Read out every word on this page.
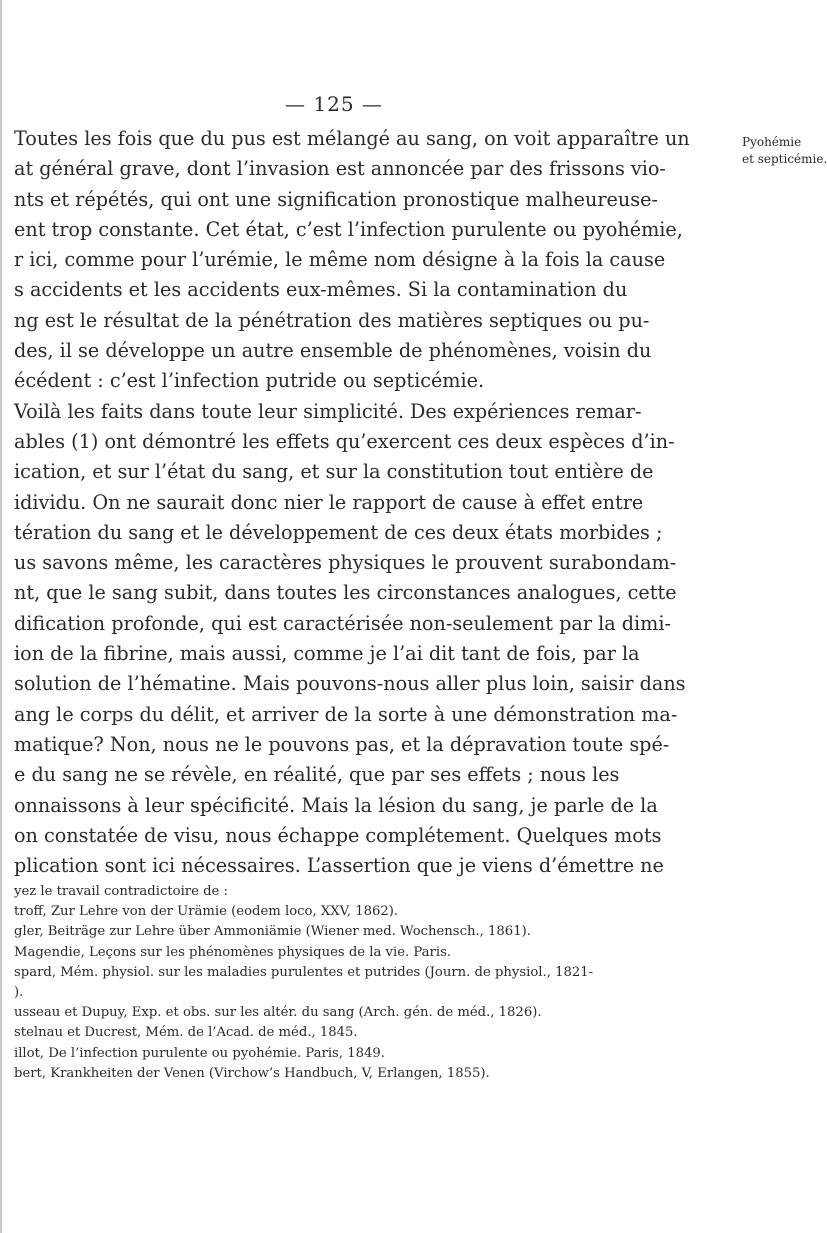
— 125 —
Pyohémie
et septicémie.
Toutes les fois que du pus est mélangé au sang, on voit apparaître un
at général grave, dont l’invasion est annoncée par des frissons vio-
nts et répétés, qui ont une signification pronostique malheureuse-
ent trop constante. Cet état, c’est l’infection purulente ou pyohémie,
r ici, comme pour l’urémie, le même nom désigne à la fois la cause
s accidents et les accidents eux-mêmes. Si la contamination du
ng est le résultat de la pénétration des matières septiques ou pu-
des, il se développe un autre ensemble de phénomènes, voisin du
écédent : c’est l’infection putride ou septicémie.
Voilà les faits dans toute leur simplicité. Des expériences remar-
ables (1) ont démontré les effets qu’exercent ces deux espèces d’in-
ication, et sur l’état du sang, et sur la constitution tout entière de
idividu. On ne saurait donc nier le rapport de cause à effet entre
tération du sang et le développement de ces deux états morbides ;
us savons même, les caractères physiques le prouvent surabondam-
nt, que le sang subit, dans toutes les circonstances analogues, cette
dification profonde, qui est caractérisée non-seulement par la dimi-
ion de la fibrine, mais aussi, comme je l’ai dit tant de fois, par la
solution de l’hématine. Mais pouvons-nous aller plus loin, saisir dans
ang le corps du délit, et arriver de la sorte à une démonstration ma-
matique? Non, nous ne le pouvons pas, et la dépravation toute spé-
e du sang ne se révèle, en réalité, que par ses effets ; nous les
onnaissons à leur spécificité. Mais la lésion du sang, je parle de la
on constatée de visu, nous échappe complétement. Quelques mots
plication sont ici nécessaires. L’assertion que je viens d’émettre ne
yez le travail contradictoire de :
troff, Zur Lehre von der Urämie (eodem loco, XXV, 1862).
gler, Beiträge zur Lehre über Ammoniämie (Wiener med. Wochensch., 1861).
Magendie, Leçons sur les phénomènes physiques de la vie. Paris.
spard, Mém. physiol. sur les maladies purulentes et putrides (Journ. de physiol., 1821-
).
usseau et Dupuy, Exp. et obs. sur les altér. du sang (Arch. gén. de méd., 1826).
stelnau et Ducrest, Mém. de l’Acad. de méd., 1845.
illot, De l’infection purulente ou pyohémie. Paris, 1849.
bert, Krankheiten der Venen (Virchow’s Handbuch, V, Erlangen, 1855).
